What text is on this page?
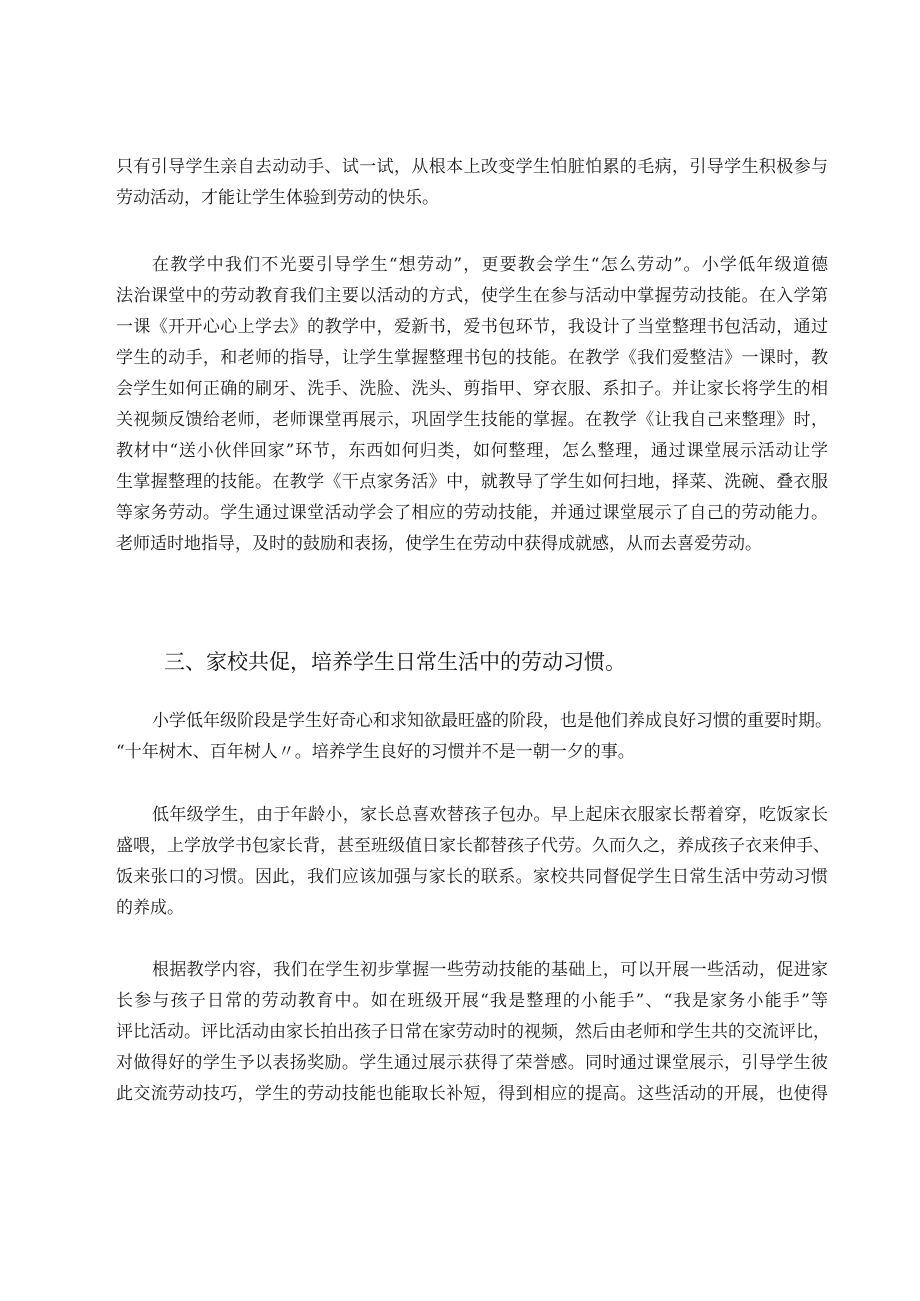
只有引导学生亲自去动动手、试一试，从根本上改变学生怕脏怕累的毛病，引导学生积极参与
劳动活动，才能让学生体验到劳动的快乐。
在教学中我们不光要引导学生“想劳动”，更要教会学生“怎么劳动”。小学低年级道德
法治课堂中的劳动教育我们主要以活动的方式，使学生在参与活动中掌握劳动技能。在入学第
一课《开开心心上学去》的教学中，爱新书，爱书包环节，我设计了当堂整理书包活动，通过
学生的动手，和老师的指导，让学生掌握整理书包的技能。在教学《我们爱整洁》一课时，教
会学生如何正确的刷牙、洗手、洗脸、洗头、剪指甲、穿衣服、系扣子。并让家长将学生的相
关视频反馈给老师，老师课堂再展示，巩固学生技能的掌握。在教学《让我自己来整理》时，
教材中“送小伙伴回家”环节，东西如何归类，如何整理，怎么整理，通过课堂展示活动让学
生掌握整理的技能。在教学《干点家务活》中，就教导了学生如何扫地，择菜、洗碗、叠衣服
等家务劳动。学生通过课堂活动学会了相应的劳动技能，并通过课堂展示了自己的劳动能力。
老师适时地指导，及时的鼓励和表扬，使学生在劳动中获得成就感，从而去喜爱劳动。
三、家校共促，培养学生日常生活中的劳动习惯。
小学低年级阶段是学生好奇心和求知欲最旺盛的阶段，也是他们养成良好习惯的重要时期。
“十年树木、百年树人〃。培养学生良好的习惯并不是一朝一夕的事。
低年级学生，由于年龄小，家长总喜欢替孩子包办。早上起床衣服家长帮着穿，吃饭家长
盛喂，上学放学书包家长背，甚至班级值日家长都替孩子代劳。久而久之，养成孩子衣来伸手、
饭来张口的习惯。因此，我们应该加强与家长的联系。家校共同督促学生日常生活中劳动习惯
的养成。
根据教学内容，我们在学生初步掌握一些劳动技能的基础上，可以开展一些活动，促进家
长参与孩子日常的劳动教育中。如在班级开展“我是整理的小能手”、“我是家务小能手”等
评比活动。评比活动由家长拍出孩子日常在家劳动时的视频，然后由老师和学生共的交流评比，
对做得好的学生予以表扬奖励。学生通过展示获得了荣誉感。同时通过课堂展示，引导学生彼
此交流劳动技巧，学生的劳动技能也能取长补短，得到相应的提高。这些活动的开展，也使得
